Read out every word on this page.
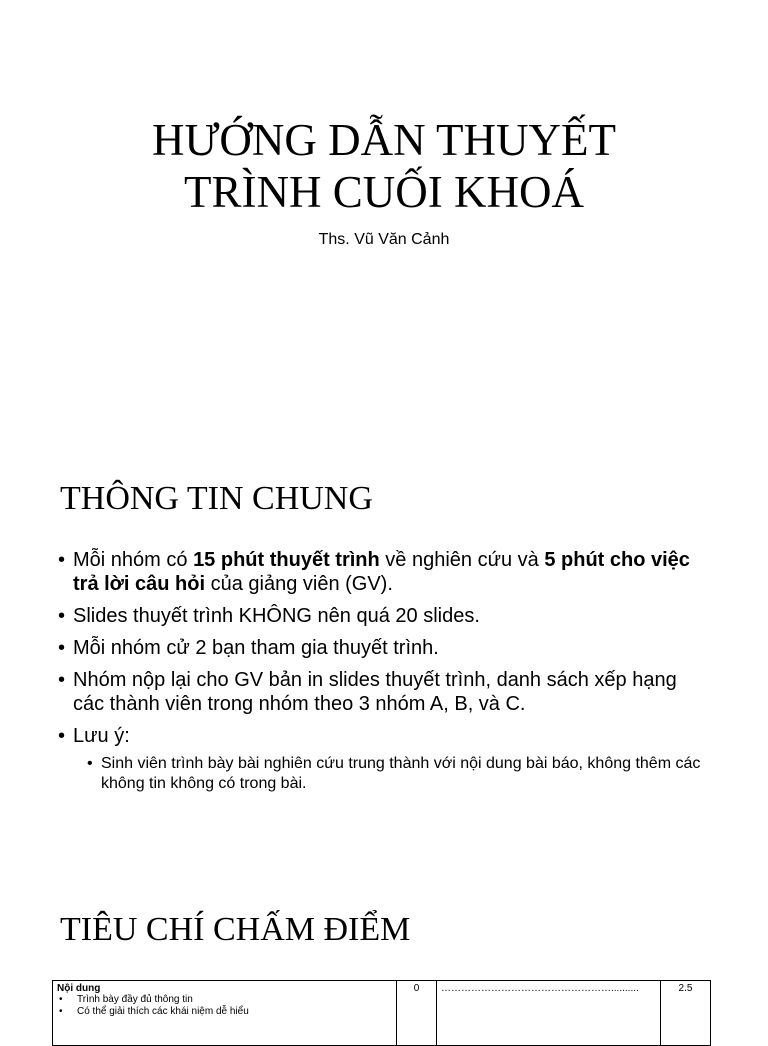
HƯỚNG DẪN THUYẾT
TRÌNH CUỐI KHOÁ

Ths. Vũ Văn Cảnh

THÔNG TIN CHUNG
• Mỗi nhóm có 15 phút thuyết trình về nghiên cứu và 5 phút cho việc trả lời câu hỏi của giảng viên (GV).
• Slides thuyết trình KHÔNG nên quá 20 slides.
• Mỗi nhóm cử 2 bạn tham gia thuyết trình.
• Nhóm nộp lại cho GV bản in slides thuyết trình, danh sách xếp hạng các thành viên trong nhóm theo 3 nhóm A, B, và C.
• Lưu ý:
• Sinh viên trình bày bài nghiên cứu trung thành với nội dung bài báo, không thêm các không tin không có trong bài.
TIÊU CHÍ CHẤM ĐIỂM
Nội dung
• Trình bày đầy đủ thông tin
• Có thể giải thích các khái niệm dễ hiểu
	0	……………………………………………..........	2.5
